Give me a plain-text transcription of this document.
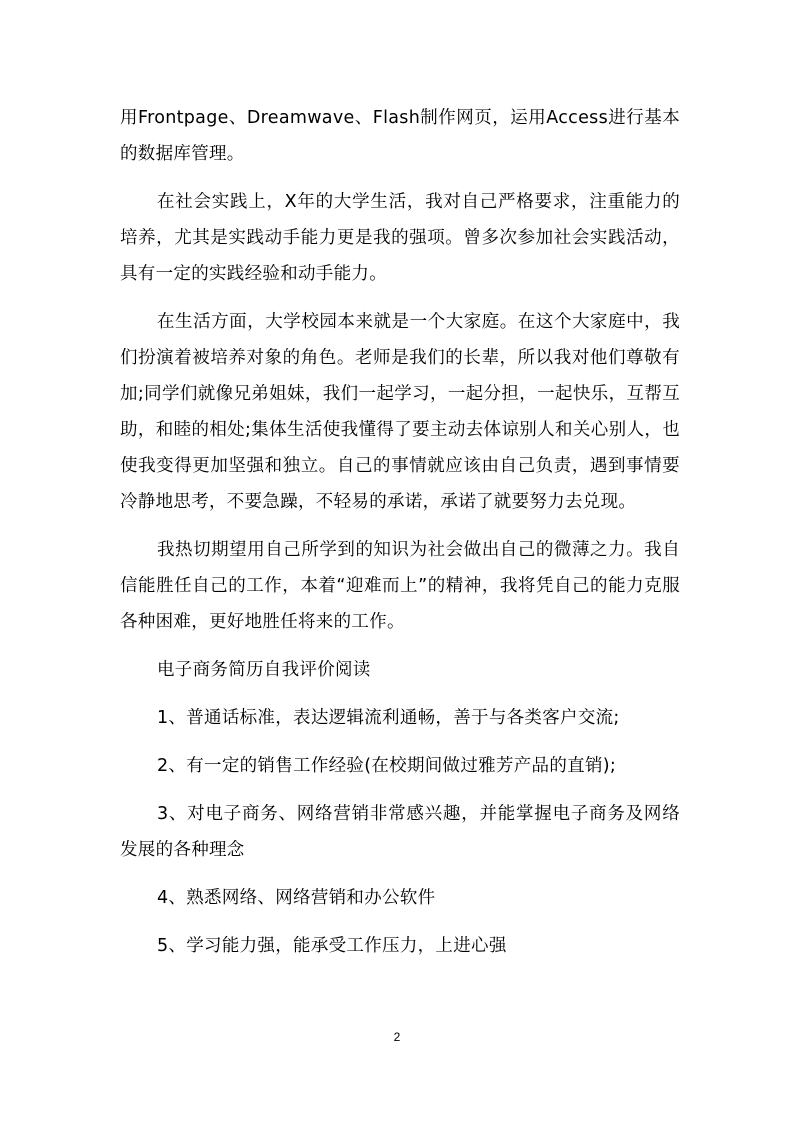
用Frontpage、Dreamwave、Flash制作网页，运用Access进行基本的数据库管理。

在社会实践上，X年的大学生活，我对自己严格要求，注重能力的培养，尤其是实践动手能力更是我的强项。曾多次参加社会实践活动，具有一定的实践经验和动手能力。

在生活方面，大学校园本来就是一个大家庭。在这个大家庭中，我们扮演着被培养对象的角色。老师是我们的长辈，所以我对他们尊敬有加;同学们就像兄弟姐妹，我们一起学习，一起分担，一起快乐，互帮互助，和睦的相处;集体生活使我懂得了要主动去体谅别人和关心别人，也使我变得更加坚强和独立。自己的事情就应该由自己负责，遇到事情要冷静地思考，不要急躁，不轻易的承诺，承诺了就要努力去兑现。

我热切期望用自己所学到的知识为社会做出自己的微薄之力。我自信能胜任自己的工作，本着“迎难而上”的精神，我将凭自己的能力克服各种困难，更好地胜任将来的工作。

电子商务简历自我评价阅读

1、普通话标准，表达逻辑流利通畅，善于与各类客户交流;

2、有一定的销售工作经验(在校期间做过雅芳产品的直销);

3、对电子商务、网络营销非常感兴趣，并能掌握电子商务及网络发展的各种理念

4、熟悉网络、网络营销和办公软件

5、学习能力强，能承受工作压力，上进心强

2
